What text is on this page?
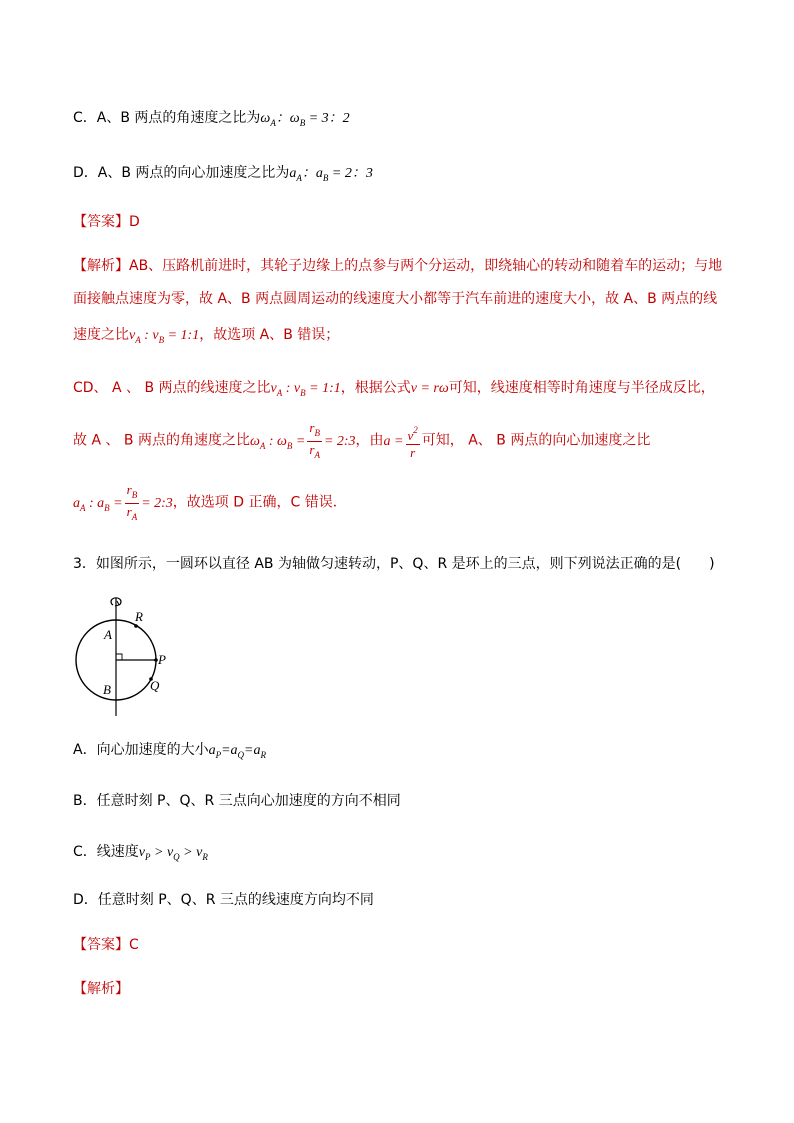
C．A、B 两点的角速度之比为$\omega_A$：$\omega_B = 3$：2
D．A、B 两点的向心加速度之比为$a_A$：$a_B = 2$：3
【答案】D
【解析】AB、压路机前进时，其轮子边缘上的点参与两个分运动，即绕轴心的转动和随着车的运动；与地
面接触点速度为零，故 A、B 两点圆周运动的线速度大小都等于汽车前进的速度大小，故 A、B 两点的线
速度之比$v_A$ : $v_B$ = 1:1，故选项 A、B 错误；
CD、 A 、 B 两点的线速度之比$v_A$ : $v_B$ = 1:1，根据公式v = rω可知，线速度相等时角速度与半径成反比，
故 A 、 B 两点的角速度之比$\omega_A$ : $\omega_B = \frac{r_B}{r_A}$ = 2:3，由$a = \frac{v^2}{r}$ 可知， A、 B 两点的向心加速度之比
$a_A$ : $a_B = \frac{r_B}{r_A}$ = 2:3，故选项 D 正确，C 错误．
3．如图所示，一圆环以直径 AB 为轴做匀速转动，P、Q、R 是环上的三点，则下列说法正确的是(　　)
R
A
P
Q
B
A．向心加速度的大小$a_P=a_Q=a_R$
B．任意时刻 P、Q、R 三点向心加速度的方向不相同
C．线速度$v_P > v_Q > v_R$
D．任意时刻 P、Q、R 三点的线速度方向均不同
【答案】C
【解析】
